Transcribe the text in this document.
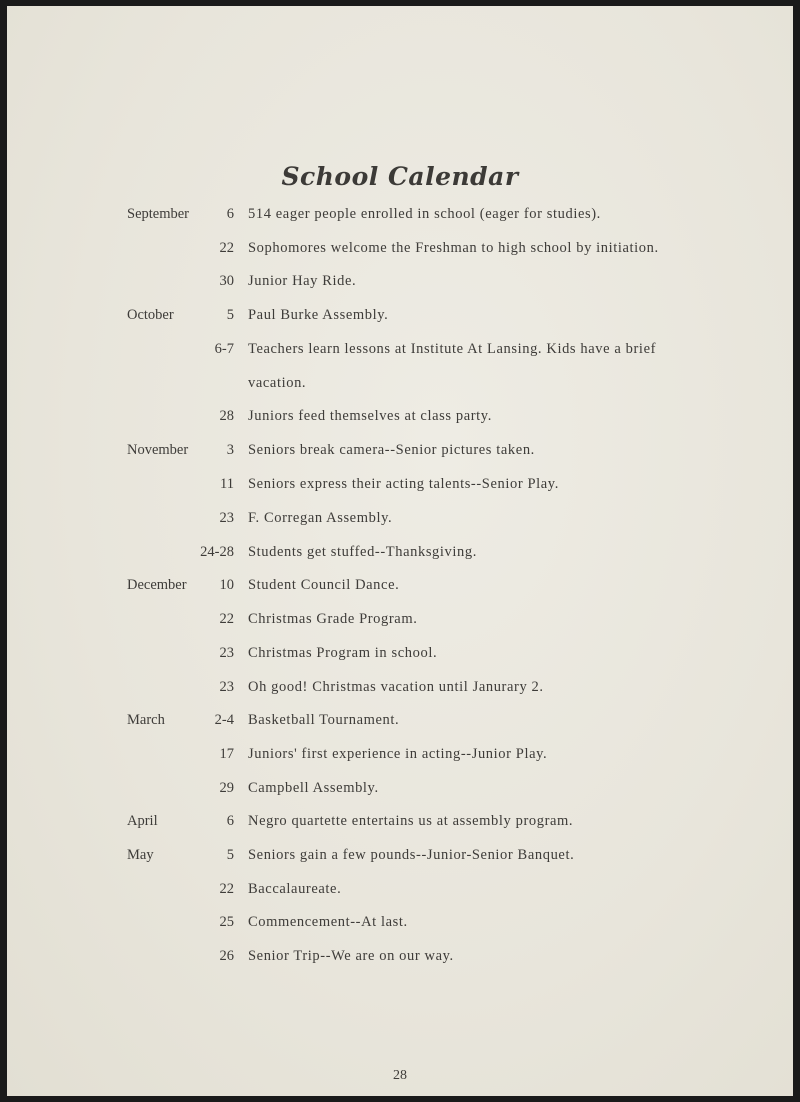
School Calendar
September	6 514 eager people enrolled in school (eager for studies).
22 Sophomores welcome the Freshman to high school by initiation.
30 Junior Hay Ride.
October	5 Paul Burke Assembly.
6-7 Teachers learn lessons at Institute At Lansing. Kids have a brief
vacation.
28 Juniors feed themselves at class party.
November	3 Seniors break camera--Senior pictures taken.
11 Seniors express their acting talents--Senior Play.
23 F. Corregan Assembly.
24-28 Students get stuffed--Thanksgiving.
December 10 Student Council Dance.
22 Christmas Grade Program.
23 Christmas Program in school.
23 Oh good! Christmas vacation until Janurary 2.
March	2-4 Basketball Tournament.
17 Juniors' first experience in acting--Junior Play.
29 Campbell Assembly.
April	6 Negro quartette entertains us at assembly program.
May	5 Seniors gain a few pounds--Junior-Senior Banquet.
22 Baccalaureate.
25 Commencement--At last.
26 Senior Trip--We are on our way.
28
